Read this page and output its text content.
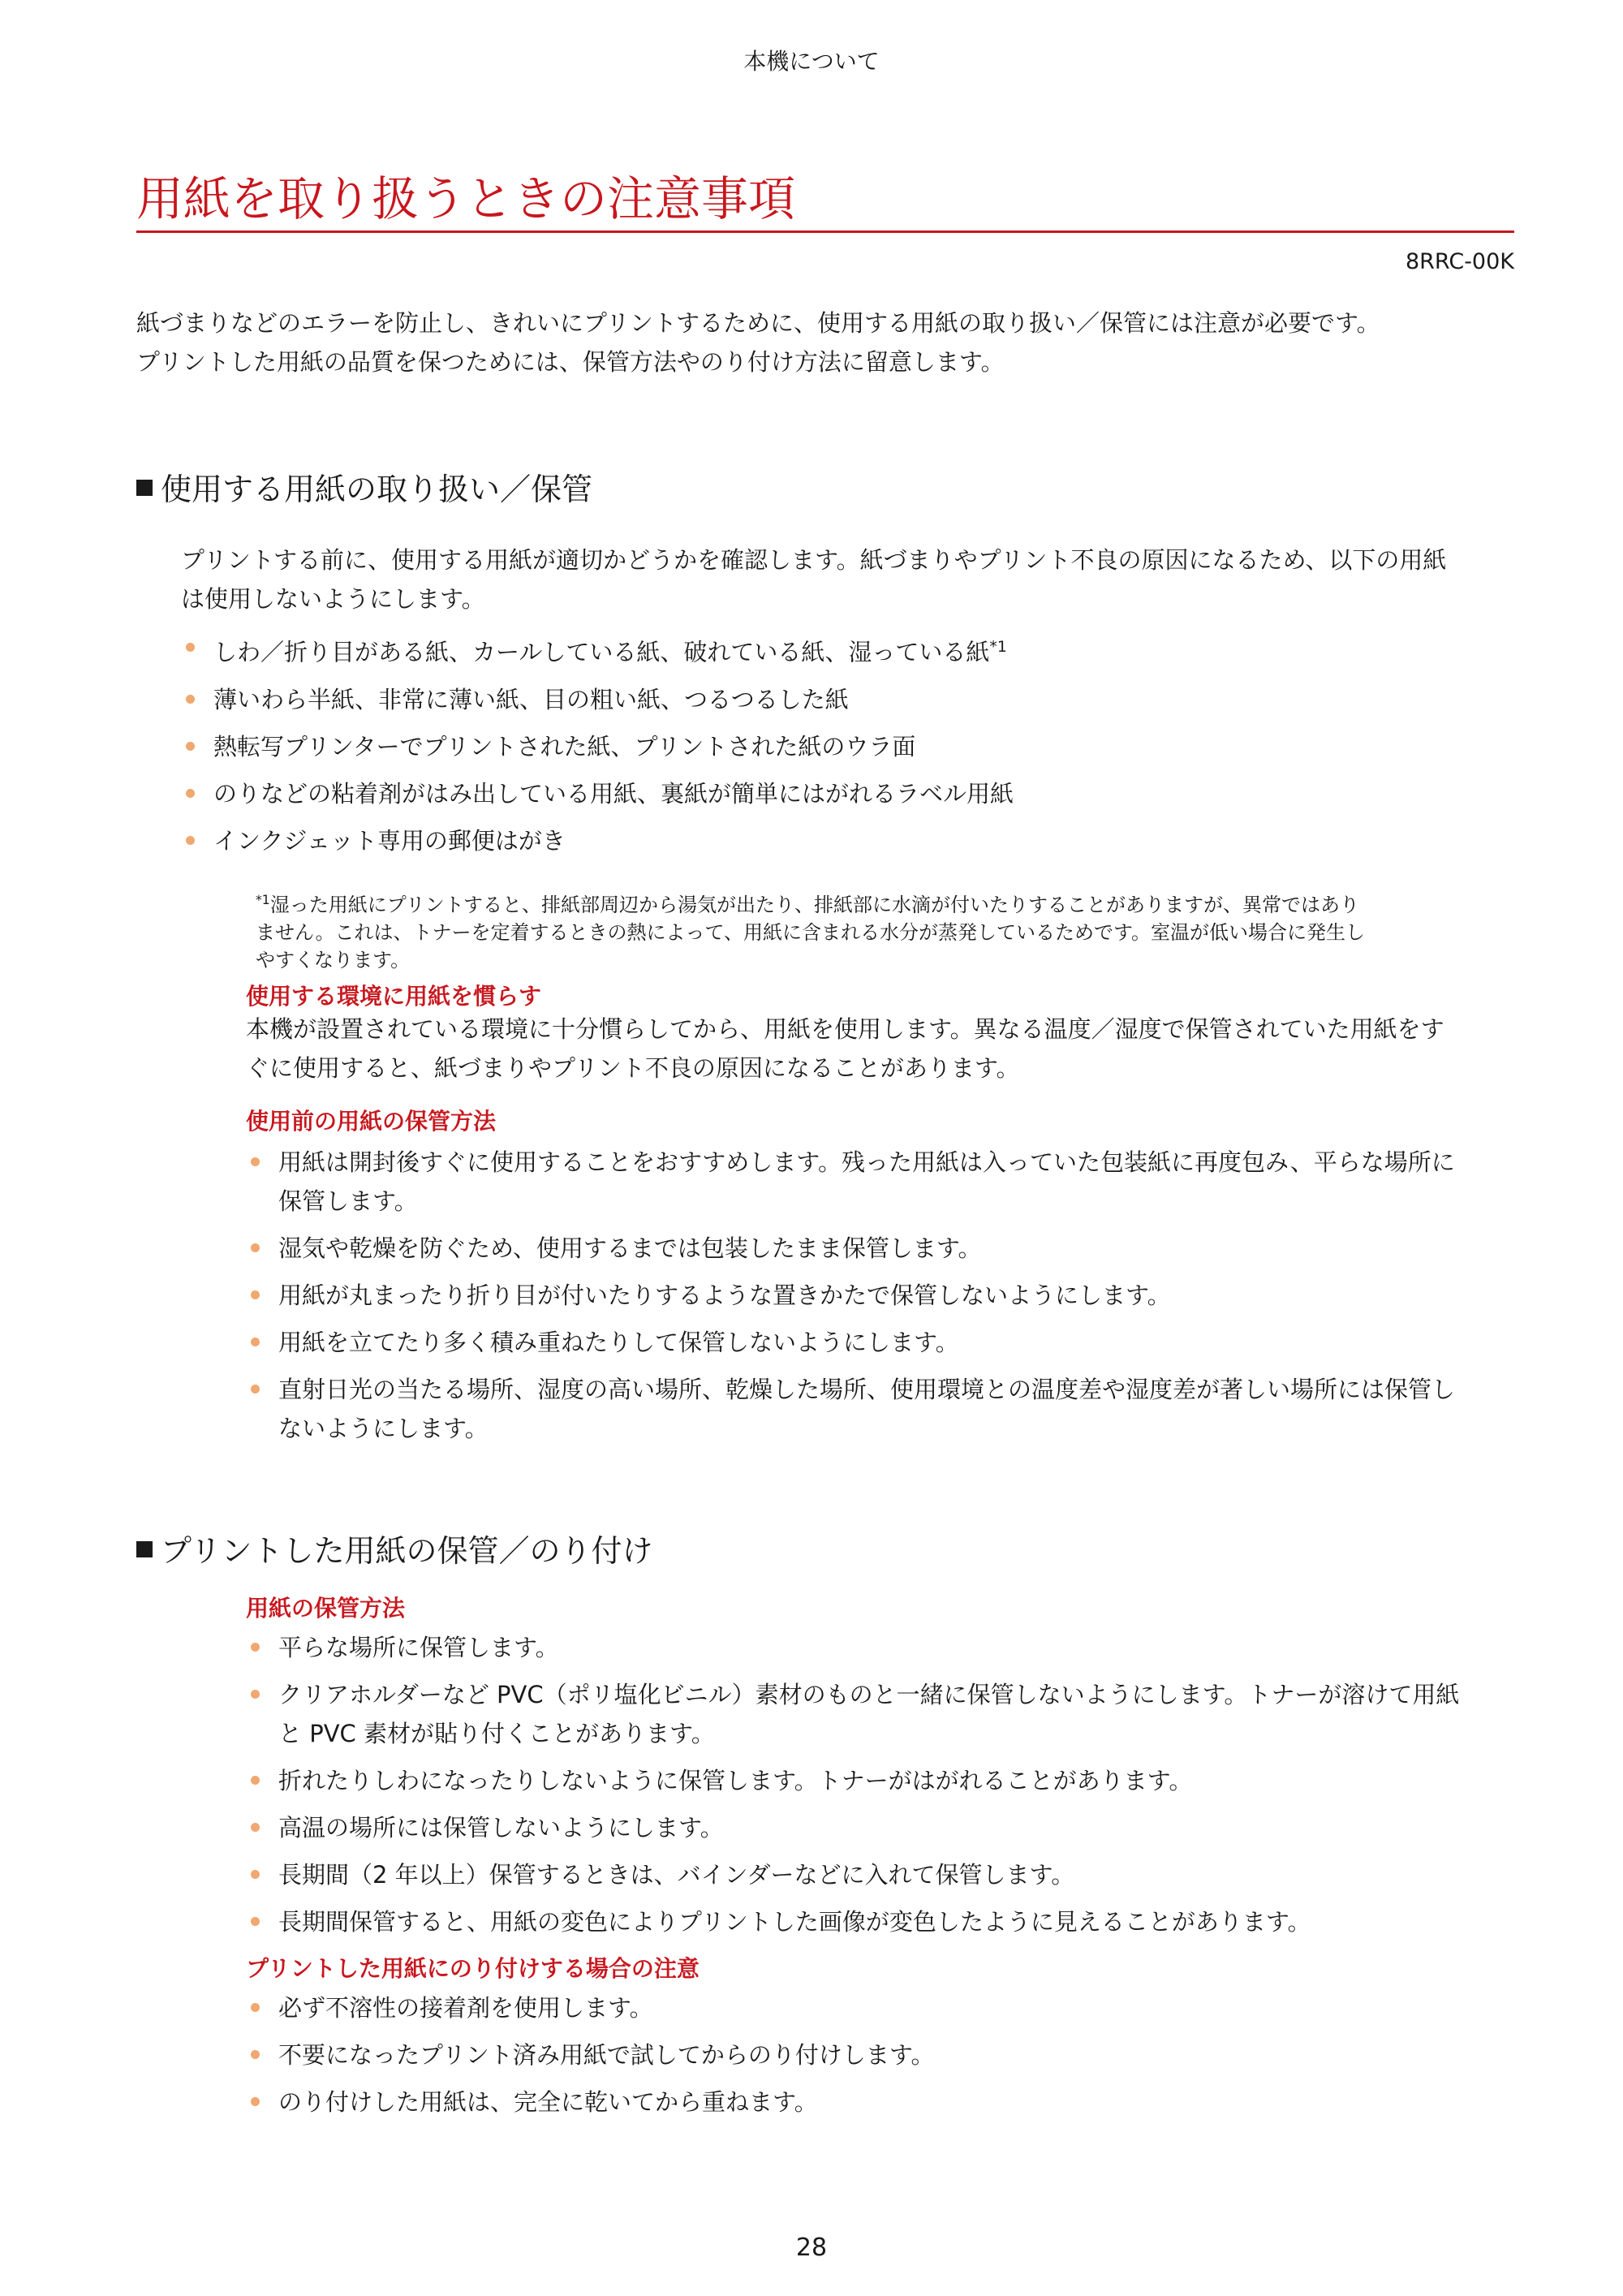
本機について
用紙を取り扱うときの注意事項
8RRC-00K

紙づまりなどのエラーを防止し、きれいにプリントするために、使用する用紙の取り扱い／保管には注意が必要です。

プリントした用紙の品質を保つためには、保管方法やのり付け方法に留意します。

使用する用紙の取り扱い／保管

プリントする前に、使用する用紙が適切かどうかを確認します。紙づまりやプリント不良の原因になるため、以下の用紙

は使用しないようにします。

しわ／折り目がある紙、カールしている紙、破れている紙、湿っている紙$^{*1}$
薄いわら半紙、非常に薄い紙、目の粗い紙、つるつるした紙
熱転写プリンターでプリントされた紙、プリントされた紙のウラ面
のりなどの粘着剤がはみ出している用紙、裏紙が簡単にはがれるラベル用紙
インクジェット専用の郵便はがき
$^{*1}$湿った用紙にプリントすると、排紙部周辺から湯気が出たり、排紙部に水滴が付いたりすることがありますが、異常ではあり
ません。これは、トナーを定着するときの熱によって、用紙に含まれる水分が蒸発しているためです。室温が低い場合に発生し
やすくなります。
使用する環境に用紙を慣らす

本機が設置されている環境に十分慣らしてから、用紙を使用します。異なる温度／湿度で保管されていた用紙をす

ぐに使用すると、紙づまりやプリント不良の原因になることがあります。

使用前の用紙の保管方法
用紙は開封後すぐに使用することをおすすめします。残った用紙は入っていた包装紙に再度包み、平らな場所に
保管します。
湿気や乾燥を防ぐため、使用するまでは包装したまま保管します。
用紙が丸まったり折り目が付いたりするような置きかたで保管しないようにします。
用紙を立てたり多く積み重ねたりして保管しないようにします。
直射日光の当たる場所、湿度の高い場所、乾燥した場所、使用環境との温度差や湿度差が著しい場所には保管し
ないようにします。
プリントした用紙の保管／のり付け
用紙の保管方法
平らな場所に保管します。
クリアホルダーなど PVC（ポリ塩化ビニル）素材のものと一緒に保管しないようにします。トナーが溶けて用紙
と PVC 素材が貼り付くことがあります。
折れたりしわになったりしないように保管します。トナーがはがれることがあります。
高温の場所には保管しないようにします。
長期間（2 年以上）保管するときは、バインダーなどに入れて保管します。
長期間保管すると、用紙の変色によりプリントした画像が変色したように見えることがあります。
プリントした用紙にのり付けする場合の注意
必ず不溶性の接着剤を使用します。
不要になったプリント済み用紙で試してからのり付けします。
のり付けした用紙は、完全に乾いてから重ねます。
28
